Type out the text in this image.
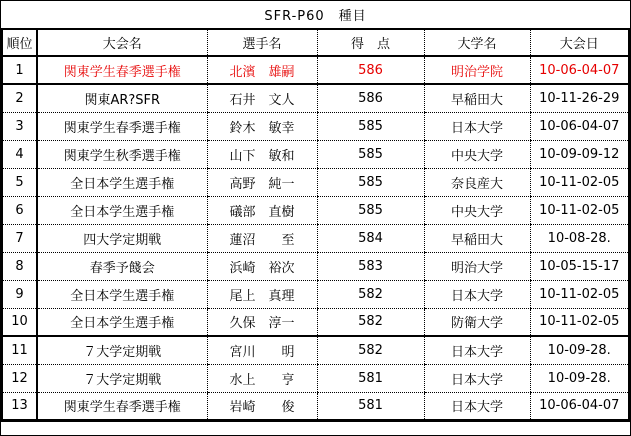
SFR-P60　種目
順位	大会名	選手名	得　点	大学名	大会日
1	関東学生春季選手権	北濱　雄嗣	586	明治学院	10-06-04-07
2	関東AR?SFR	石井　文人	586	早稲田大	10-11-26-29
3	関東学生春季選手権	鈴木　敏幸	585	日本大学	10-06-04-07
4	関東学生秋季選手権	山下　敏和	585	中央大学	10-09-09-12
5	全日本学生選手権	高野　純一	585	奈良産大	10-11-02-05
6	全日本学生選手権	礒部　直樹	585	中央大学	10-11-02-05
7	四大学定期戦	蓮沼　　至	584	早稲田大	10-08-28.
8	春季予餞会	浜崎　裕次	583	明治大学	10-05-15-17
9	全日本学生選手権	尾上　真理	582	日本大学	10-11-02-05
10	全日本学生選手権	久保　淳一	582	防衛大学	10-11-02-05
11	７大学定期戦	宮川　　明	582	日本大学	10-09-28.
12	７大学定期戦	水上　　亨	581	日本大学	10-09-28.
13	関東学生春季選手権	岩崎　　俊	581	日本大学	10-06-04-07
